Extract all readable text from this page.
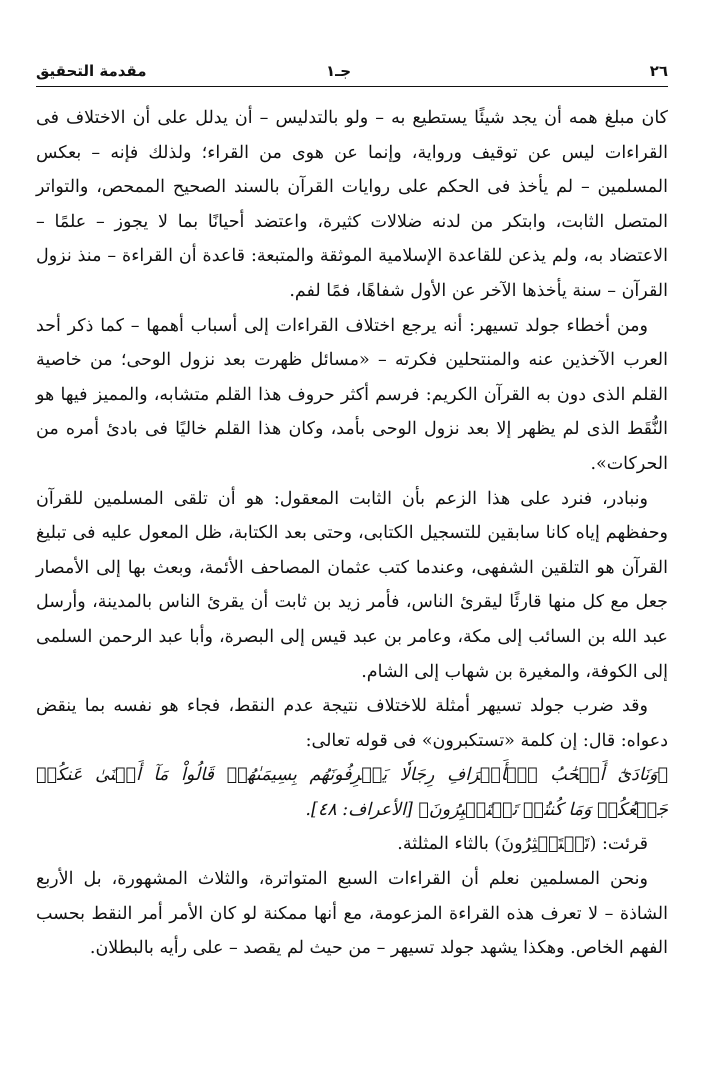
٢٦
جـ١
مقدمة التحقيق

كان مبلغ همه أن يجد شيئًا يستطيع به – ولو بالتدليس – أن يدلل على أن الاختلاف فى القراءات ليس عن توقيف ورواية، وإنما عن هوى من القراء؛ ولذلك فإنه – بعكس المسلمين – لم يأخذ فى الحكم على روايات القرآن بالسند الصحيح الممحص، والتواتر المتصل الثابت، وابتكر من لدنه ضلالات كثيرة، واعتضد أحيانًا بما لا يجوز – علمًا – الاعتضاد به، ولم يذعن للقاعدة الإسلامية الموثقة والمتبعة: قاعدة أن القراءة – منذ نزول القرآن – سنة يأخذها الآخر عن الأول شفاهًا، فمًا لفم.

ومن أخطاء جولد تسيهر: أنه يرجع اختلاف القراءات إلى أسباب أهمها – كما ذكر أحد العرب الآخذين عنه والمنتحلين فكرته – «مسائل ظهرت بعد نزول الوحى؛ من خاصية القلم الذى دون به القرآن الكريم: فرسم أكثر حروف هذا القلم متشابه، والمميز فيها هو النُّقَط الذى لم يظهر إلا بعد نزول الوحى بأمد، وكان هذا القلم خاليًا فى بادئ أمره من الحركات».

ونبادر، فنرد على هذا الزعم بأن الثابت المعقول: هو أن تلقى المسلمين للقرآن وحفظهم إياه كانا سابقين للتسجيل الكتابى، وحتى بعد الكتابة، ظل المعول عليه فى تبليغ القرآن هو التلقين الشفهى، وعندما كتب عثمان المصاحف الأئمة، وبعث بها إلى الأمصار جعل مع كل منها قارئًا ليقرئ الناس، فأمر زيد بن ثابت أن يقرئ الناس بالمدينة، وأرسل عبد الله بن السائب إلى مكة، وعامر بن عبد قيس إلى البصرة، وأبا عبد الرحمن السلمى إلى الكوفة، والمغيرة بن شهاب إلى الشام.

وقد ضرب جولد تسيهر أمثلة للاختلاف نتيجة عدم النقط، فجاء هو نفسه بما ينقض دعواه: قال: إن كلمة «تستكبرون» فى قوله تعالى:

﴿وَنَادَىٰٓ أَصۡحَٰبُ ٱلۡأَعۡرَافِ رِجَالٗا يَعۡرِفُونَهُم بِسِيمَىٰهُمۡ قَالُواْ مَآ أَغۡنَىٰ عَنكُمۡ جَمۡعُكُمۡ وَمَا كُنتُمۡ تَسۡتَكۡبِرُونَ﴾ [الأعراف: ٤٨].

قرئت: (تَسۡتَكۡثِرُونَ) بالثاء المثلثة.

ونحن المسلمين نعلم أن القراءات السبع المتواترة، والثلاث المشهورة، بل الأربع الشاذة – لا تعرف هذه القراءة المزعومة، مع أنها ممكنة لو كان الأمر أمر النقط بحسب الفهم الخاص. وهكذا يشهد جولد تسيهر – من حيث لم يقصد – على رأيه بالبطلان.
